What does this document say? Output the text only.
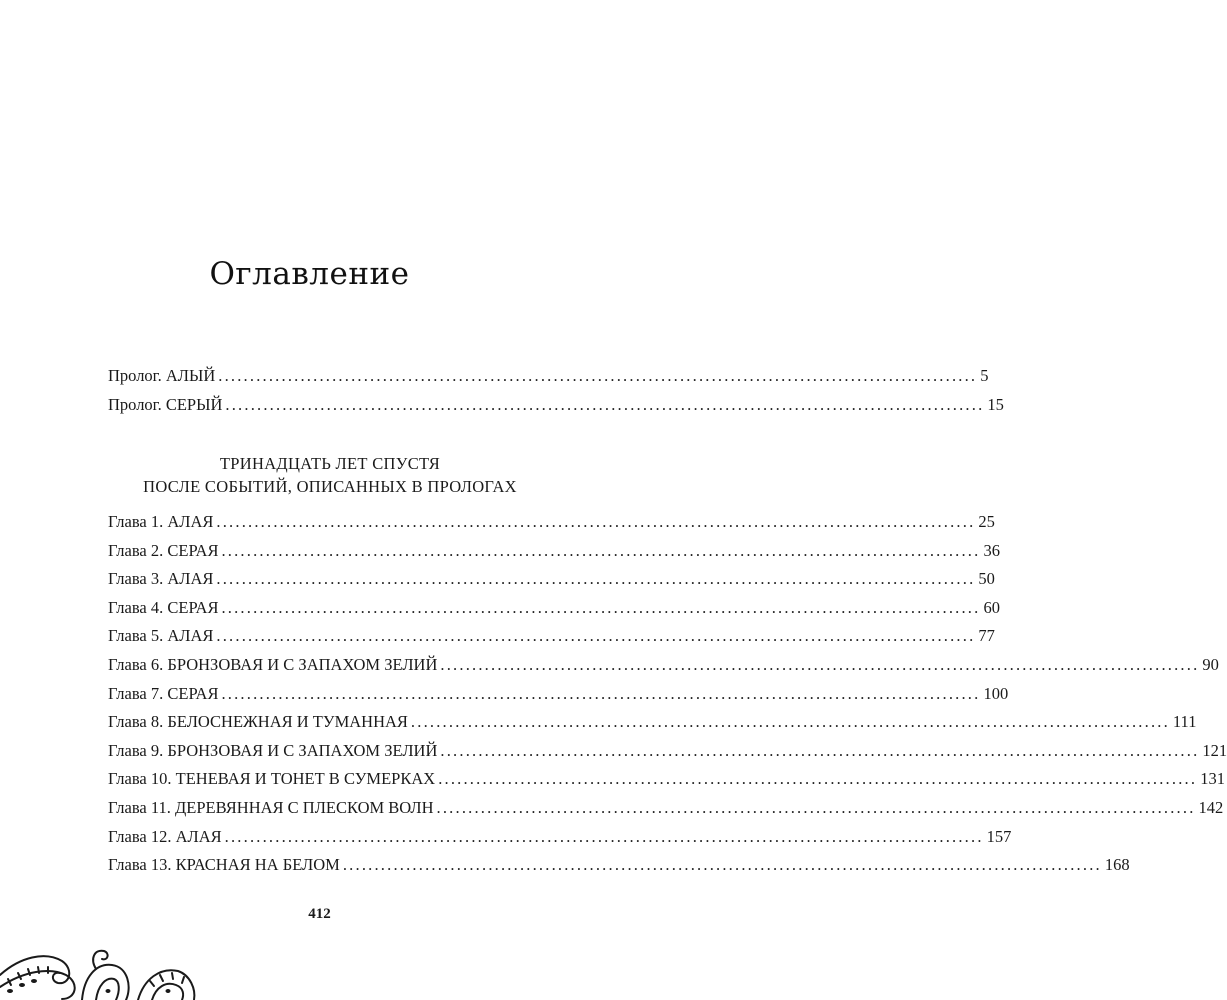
Оглавление
Пролог. АЛЫЙ ........................................................................................................................ 5
Пролог. СЕРЫЙ ........................................................................................................................ 15
ТРИНАДЦАТЬ ЛЕТ СПУСТЯ
ПОСЛЕ СОБЫТИЙ, ОПИСАННЫХ В ПРОЛОГАХ
Глава 1. АЛАЯ ........................................................................................................................ 25
Глава 2. СЕРАЯ ........................................................................................................................ 36
Глава 3. АЛАЯ ........................................................................................................................ 50
Глава 4. СЕРАЯ ........................................................................................................................ 60
Глава 5. АЛАЯ ........................................................................................................................ 77
Глава 6. БРОНЗОВАЯ И С ЗАПАХОМ ЗЕЛИЙ ........................................................................................................................ 90
Глава 7. СЕРАЯ ........................................................................................................................ 100
Глава 8. БЕЛОСНЕЖНАЯ И ТУМАННАЯ ........................................................................................................................ 111
Глава 9. БРОНЗОВАЯ И С ЗАПАХОМ ЗЕЛИЙ ........................................................................................................................ 121
Глава 10. ТЕНЕВАЯ И ТОНЕТ В СУМЕРКАХ ........................................................................................................................ 131
Глава 11. ДЕРЕВЯННАЯ С ПЛЕСКОМ ВОЛН ........................................................................................................................ 142
Глава 12. АЛАЯ ........................................................................................................................ 157
Глава 13. КРАСНАЯ НА БЕЛОМ ........................................................................................................................ 168
412
